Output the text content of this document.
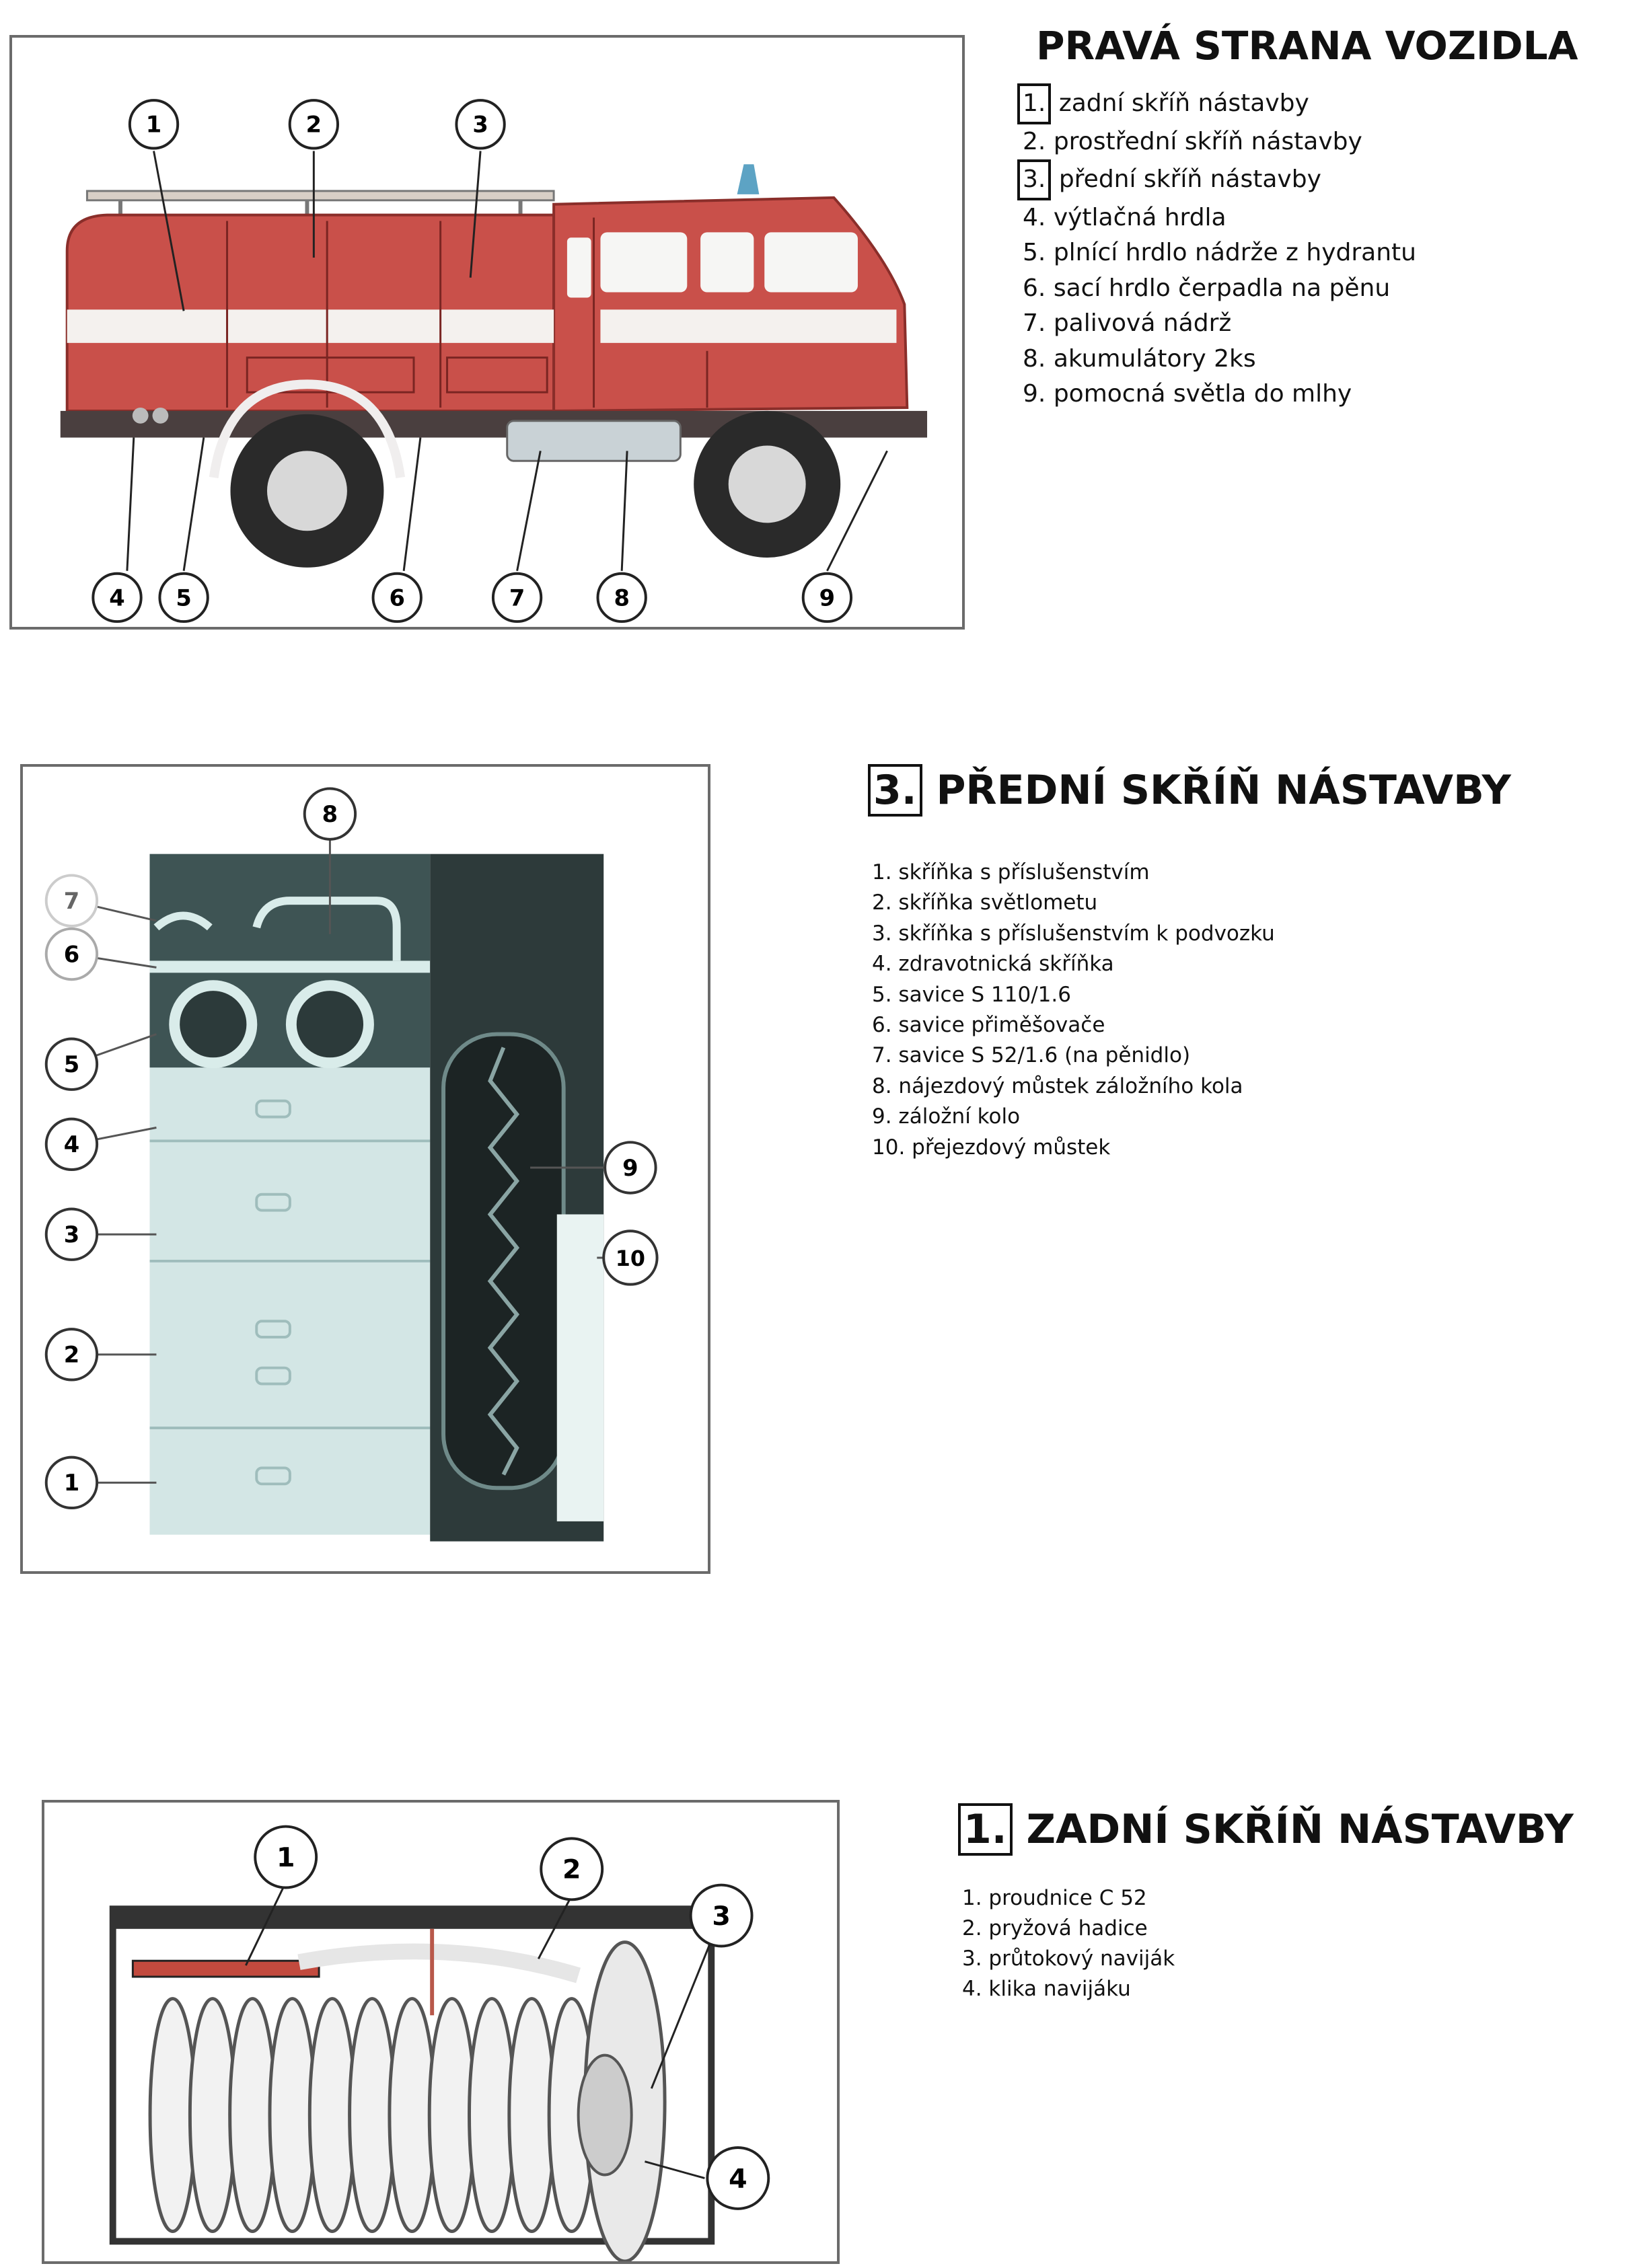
1	2	3
4 5	6	7	8	9
PRAVÁ STRANA VOZIDLA
1. zadní skříň nástavby
2. prostřední skříň nástavby
3. přední skříň nástavby
4. výtlačná hrdla
5. plnící hrdlo nádrže z hydrantu
6. sací hrdlo čerpadla na pěnu
7. palivová nádrž
8. akumulátory 2ks
9. pomocná světla do mlhy
1
2
3
4
5
6
7
8
9
10
3. PŘEDNÍ SKŘÍŇ NÁSTAVBY
1. skříňka s příslušenstvím
2. skříňka světlometu
3. skříňka s příslušenstvím k podvozku
4. zdravotnická skříňka
5. savice S 110/1.6
6. savice přiměšovače
7. savice S 52/1.6 (na pěnidlo)
8. nájezdový můstek záložního kola
9. záložní kolo
10. přejezdový můstek
1	2
3
4
1. ZADNÍ SKŘÍŇ NÁSTAVBY
1. proudnice C 52
2. pryžová hadice
3. průtokový naviják
4. klika navijáku
